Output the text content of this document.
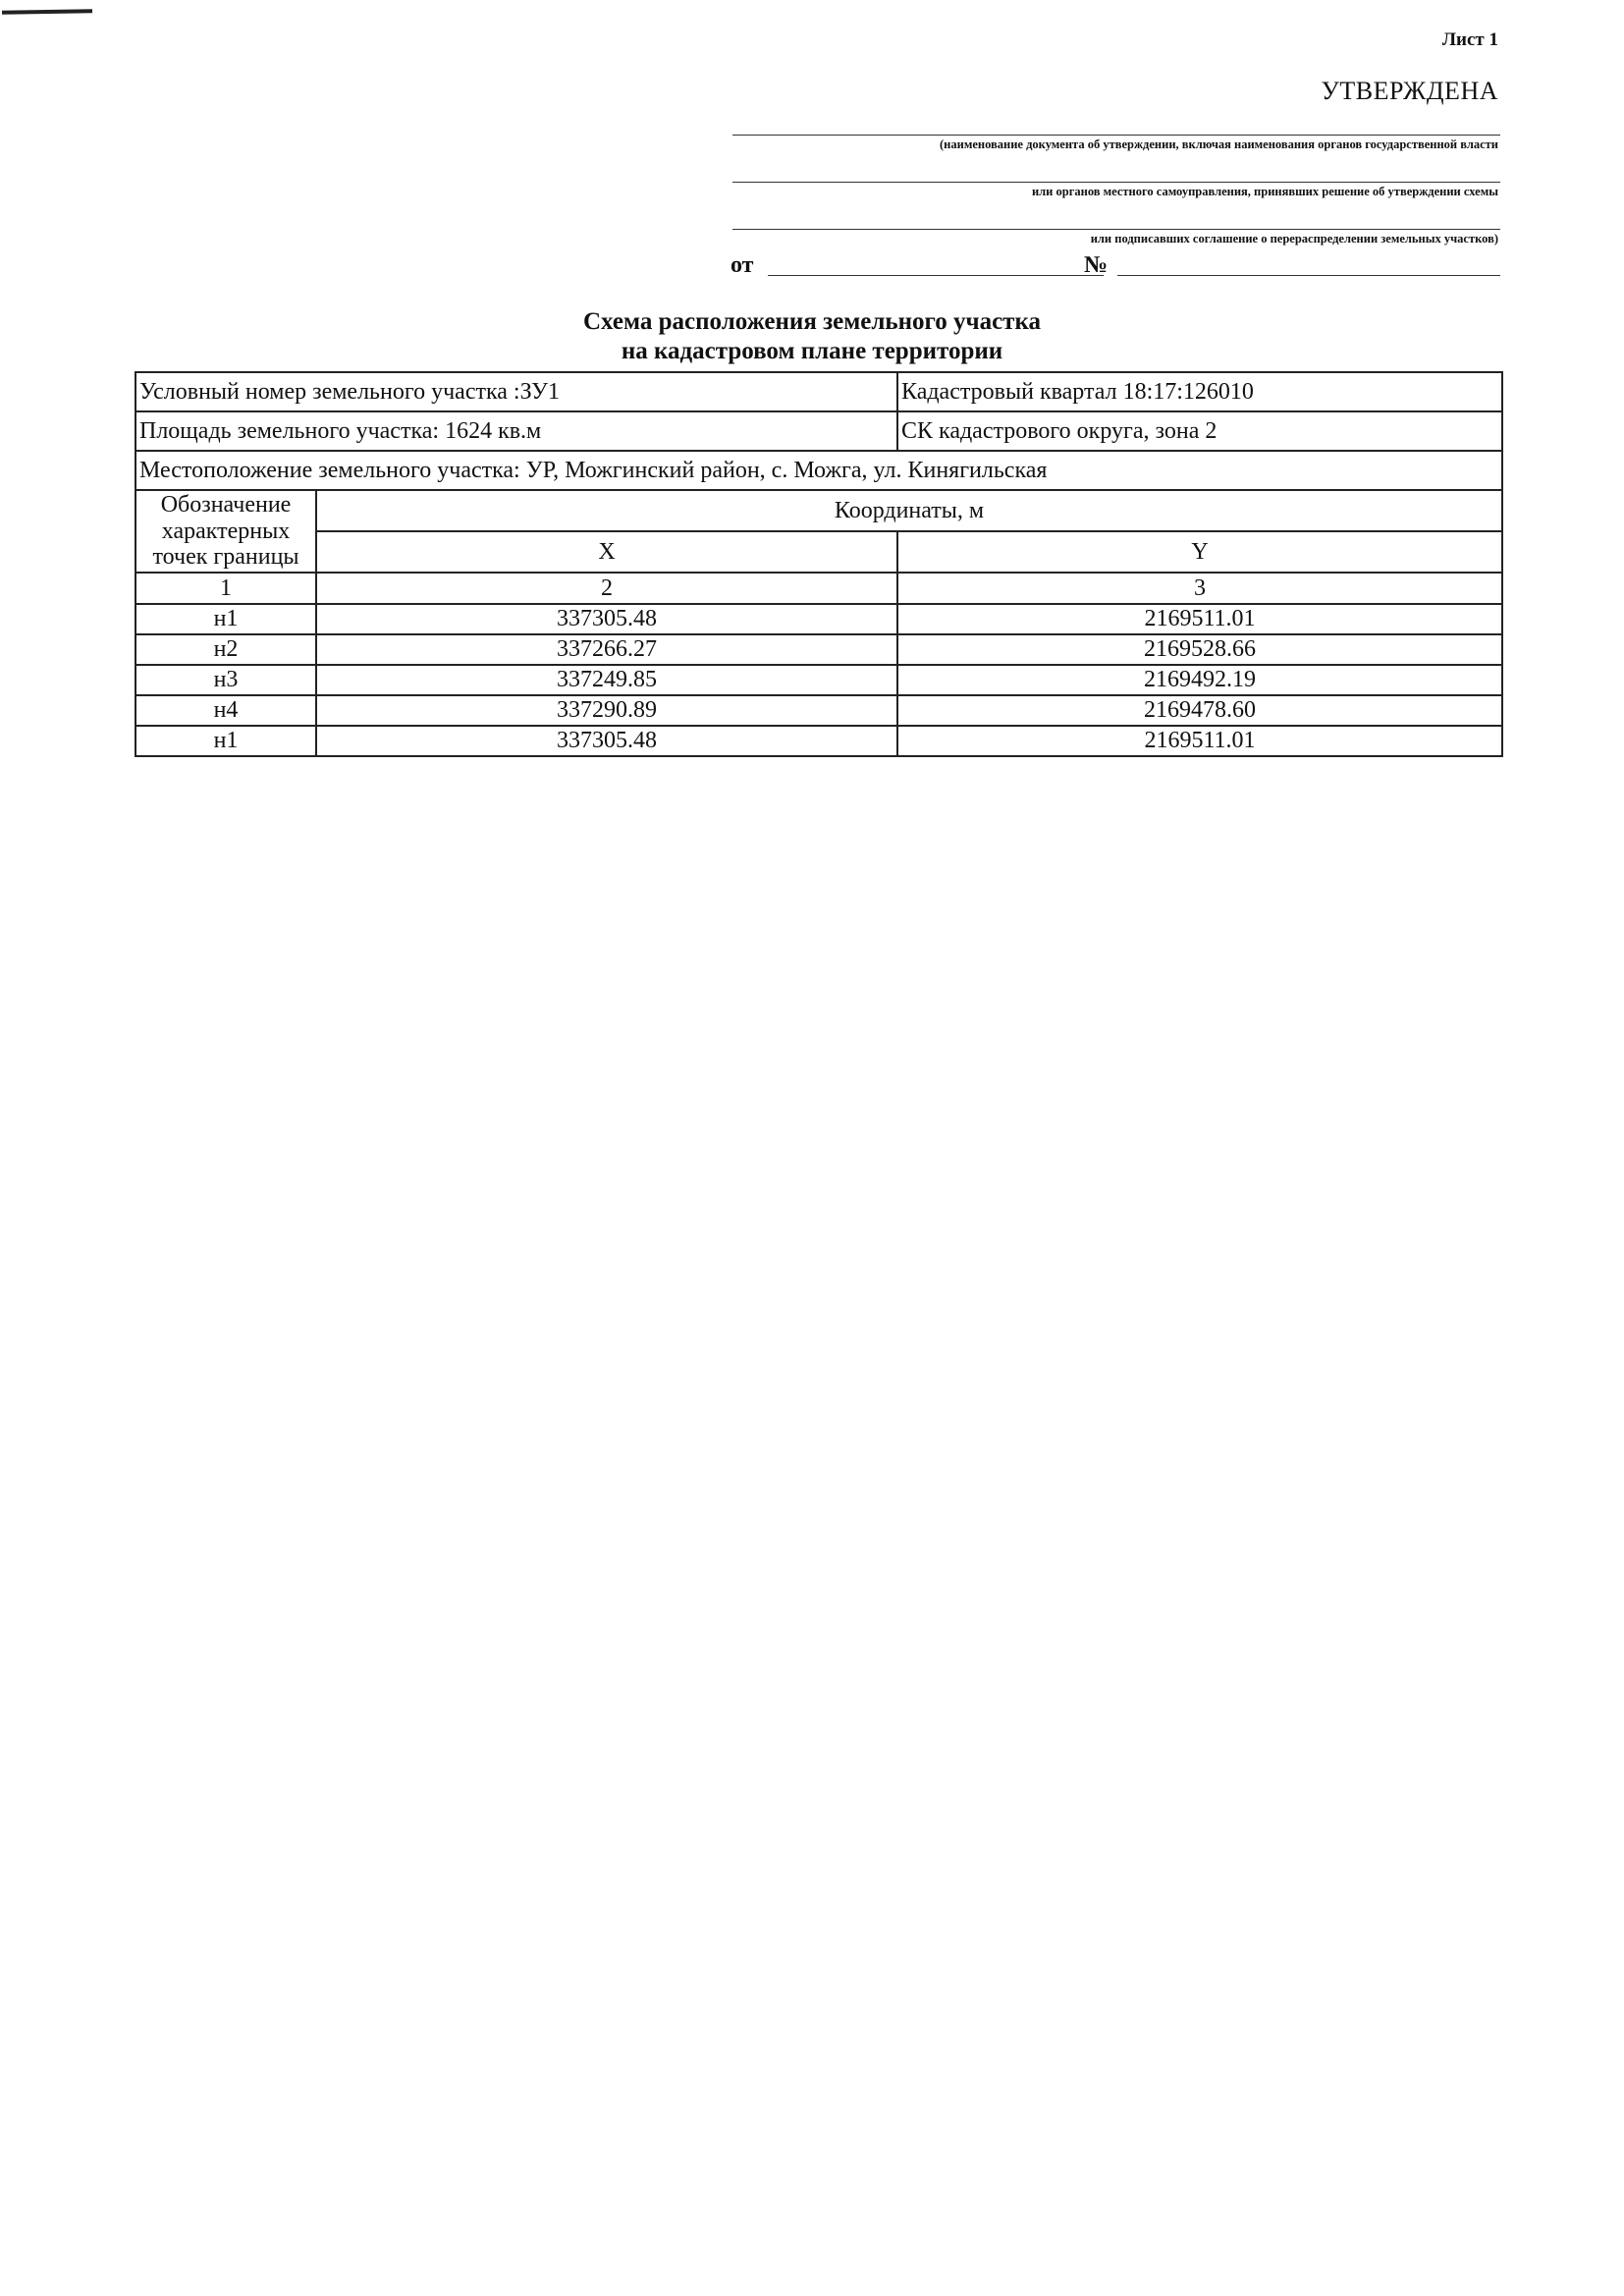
Лист 1
УТВЕРЖДЕНА
(наименование документа об утверждении, включая наименования органов государственной власти
или органов местного самоуправления, принявших решение об утверждении схемы
или подписавших соглашение о перераспределении земельных участков)
от	№
Схема расположения земельного участка
на кадастровом плане территории
Условный номер земельного участка :ЗУ1		Кадастровый квартал 18:17:126010
Площадь земельного участка: 1624 кв.м		СК кадастрового округа, зона 2
Местоположение земельного участка: УР, Можгинский район, с. Можга, ул. Кинягильская		
Обозначение характерных точек границы	Координаты, м	
	X	Y
1	2	3
н1	337305.48	2169511.01
н2	337266.27	2169528.66
н3	337249.85	2169492.19
н4	337290.89	2169478.60
н1	337305.48	2169511.01
